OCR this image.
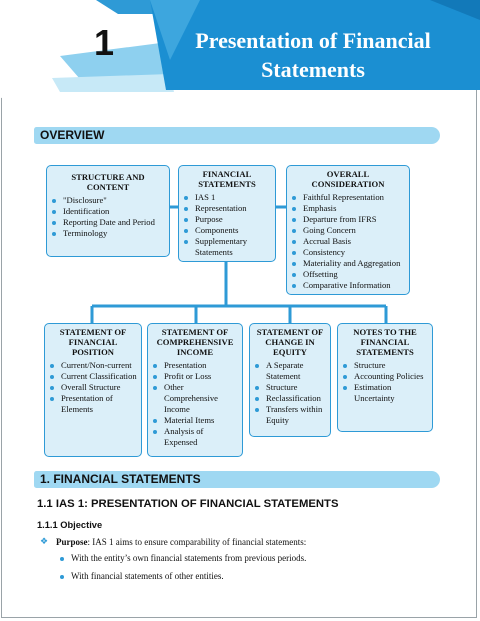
1	Presentation of Financial
Statements
OVERVIEW
STRUCTURE AND
CONTENT
"Disclosure"
Identification
Reporting Date and Period
Terminology
FINANCIAL
STATEMENTS
IAS 1
Representation
Purpose
Components
Supplementary Statements
OVERALL
CONSIDERATION
Faithful Representation
Emphasis
Departure from IFRS
Going Concern
Accrual Basis
Consistency
Materiality and Aggregation
Offsetting
Comparative Information
STATEMENT OF FINANCIAL POSITION
Current/Non-current
Current Classification
Overall Structure
Presentation of Elements
STATEMENT OF COMPREHENSIVE INCOME
Presentation
Profit or Loss
Other Comprehensive Income
Material Items
Analysis of Expensed
STATEMENT OF CHANGE IN EQUITY
A Separate Statement
Structure
Reclassification
Transfers within Equity
NOTES TO THE FINANCIAL STATEMENTS
Structure
Accounting Policies
Estimation Uncertainty
1. FINANCIAL STATEMENTS
1.1 IAS 1: PRESENTATION OF FINANCIAL STATEMENTS
1.1.1 Objective
❖ Purpose: IAS 1 aims to ensure comparability of financial statements:
With the entity’s own financial statements from previous periods.
With financial statements of other entities.
